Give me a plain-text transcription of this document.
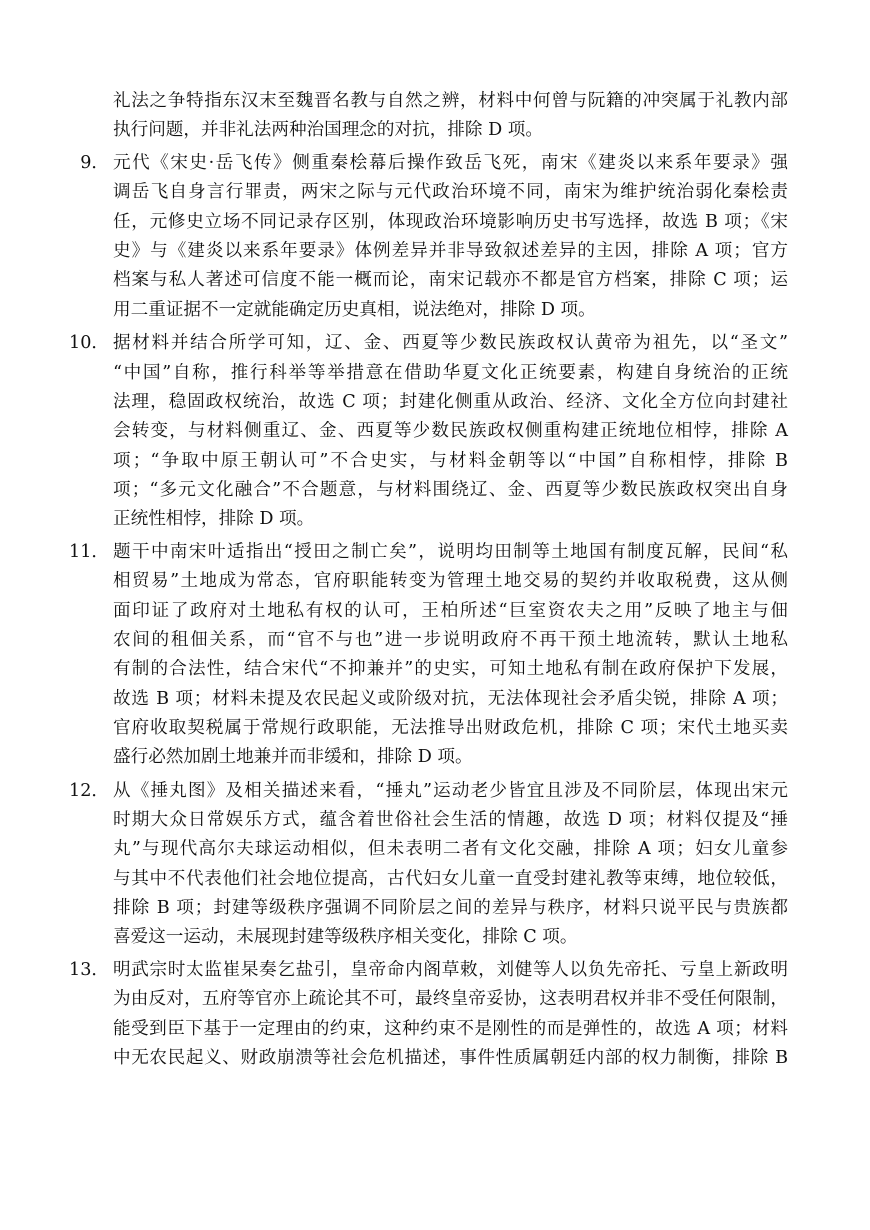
礼法之争特指东汉末至魏晋名教与自然之辨，材料中何曾与阮籍的冲突属于礼教内部
执行问题，并非礼法两种治国理念的对抗，排除 D 项。
9． 元代《宋史·岳飞传》侧重秦桧幕后操作致岳飞死，南宋《建炎以来系年要录》强
调岳飞自身言行罪责，两宋之际与元代政治环境不同，南宋为维护统治弱化秦桧责
任，元修史立场不同记录存区别，体现政治环境影响历史书写选择，故选 B 项；《宋
史》与《建炎以来系年要录》体例差异并非导致叙述差异的主因，排除 A 项；官方
档案与私人著述可信度不能一概而论，南宋记载亦不都是官方档案，排除 C 项；运
用二重证据不一定就能确定历史真相，说法绝对，排除 D 项。
10． 据材料并结合所学可知，辽、金、西夏等少数民族政权认黄帝为祖先，以“圣文”
“中国”自称，推行科举等举措意在借助华夏文化正统要素，构建自身统治的正统
法理，稳固政权统治，故选 C 项；封建化侧重从政治、经济、文化全方位向封建社
会转变，与材料侧重辽、金、西夏等少数民族政权侧重构建正统地位相悖，排除 A
项；“争取中原王朝认可”不合史实，与材料金朝等以“中国”自称相悖，排除 B
项；“多元文化融合”不合题意，与材料围绕辽、金、西夏等少数民族政权突出自身
正统性相悖，排除 D 项。
11． 题干中南宋叶适指出“授田之制亡矣”，说明均田制等土地国有制度瓦解，民间“私
相贸易”土地成为常态，官府职能转变为管理土地交易的契约并收取税费，这从侧
面印证了政府对土地私有权的认可，王柏所述“巨室资农夫之用”反映了地主与佃
农间的租佃关系，而“官不与也”进一步说明政府不再干预土地流转，默认土地私
有制的合法性，结合宋代“不抑兼并”的史实，可知土地私有制在政府保护下发展，
故选 B 项；材料未提及农民起义或阶级对抗，无法体现社会矛盾尖锐，排除 A 项；
官府收取契税属于常规行政职能，无法推导出财政危机，排除 C 项；宋代土地买卖
盛行必然加剧土地兼并而非缓和，排除 D 项。
12． 从《捶丸图》及相关描述来看，“捶丸”运动老少皆宜且涉及不同阶层，体现出宋元
时期大众日常娱乐方式，蕴含着世俗社会生活的情趣，故选 D 项；材料仅提及“捶
丸”与现代高尔夫球运动相似，但未表明二者有文化交融，排除 A 项；妇女儿童参
与其中不代表他们社会地位提高，古代妇女儿童一直受封建礼教等束缚，地位较低，
排除 B 项；封建等级秩序强调不同阶层之间的差异与秩序，材料只说平民与贵族都
喜爱这一运动，未展现封建等级秩序相关变化，排除 C 项。
13． 明武宗时太监崔杲奏乞盐引，皇帝命内阁草敕，刘健等人以负先帝托、亏皇上新政明
为由反对，五府等官亦上疏论其不可，最终皇帝妥协，这表明君权并非不受任何限制，
能受到臣下基于一定理由的约束，这种约束不是刚性的而是弹性的，故选 A 项；材料
中无农民起义、财政崩溃等社会危机描述，事件性质属朝廷内部的权力制衡，排除 B
